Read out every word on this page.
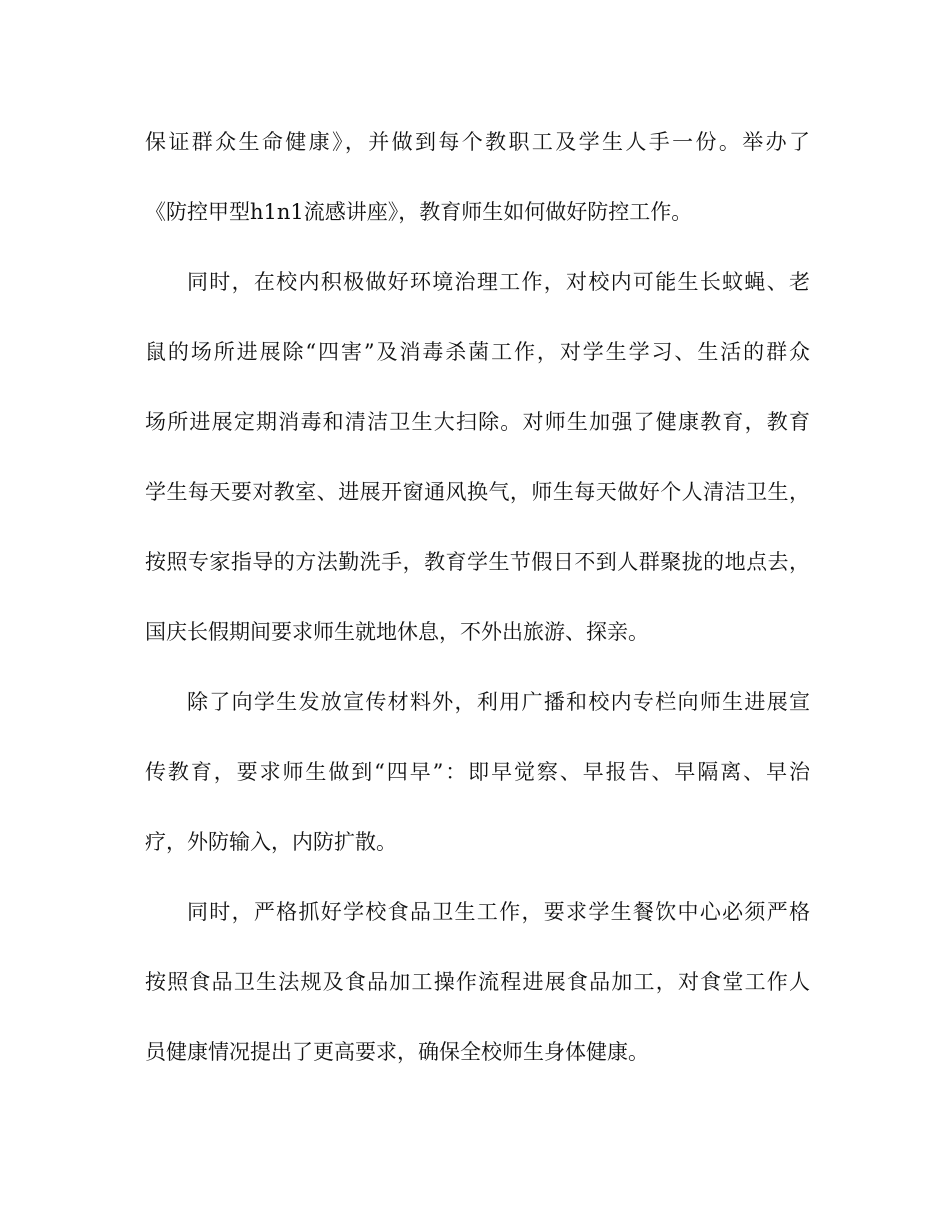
保证群众生命健康》，并做到每个教职工及学生人手一份。举办了
《防控甲型h1n1流感讲座》，教育师生如何做好防控工作。
同时，在校内积极做好环境治理工作，对校内可能生长蚊蝇、老
鼠的场所进展除“四害”及消毒杀菌工作，对学生学习、生活的群众
场所进展定期消毒和清洁卫生大扫除。对师生加强了健康教育，教育
学生每天要对教室、进展开窗通风换气，师生每天做好个人清洁卫生，
按照专家指导的方法勤洗手，教育学生节假日不到人群聚拢的地点去，
国庆长假期间要求师生就地休息，不外出旅游、探亲。
除了向学生发放宣传材料外，利用广播和校内专栏向师生进展宣
传教育，要求师生做到“四早”：即早觉察、早报告、早隔离、早治
疗，外防输入，内防扩散。
同时，严格抓好学校食品卫生工作，要求学生餐饮中心必须严格
按照食品卫生法规及食品加工操作流程进展食品加工，对食堂工作人
员健康情况提出了更高要求，确保全校师生身体健康。
